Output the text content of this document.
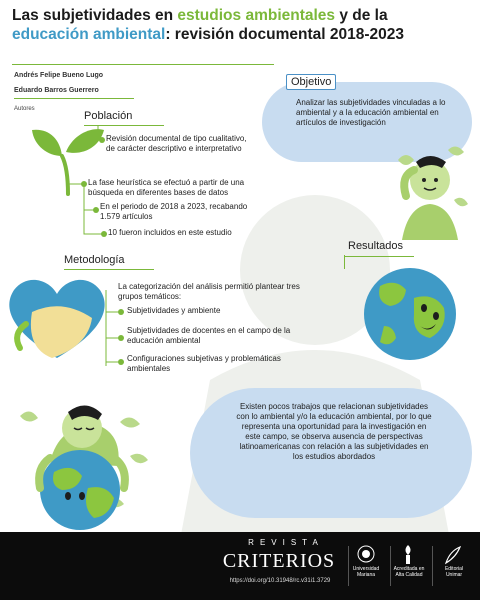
Las subjetividades en estudios ambientales y de la
educación ambiental: revisión documental 2018-2023
Andrés Felipe Bueno Lugo
Eduardo Barros Guerrero
Autores
Objetivo
Analizar las subjetividades vinculadas a lo ambiental y a la educación ambiental en artículos de investigación
Población
Revisión documental de tipo cualitativo, de carácter descriptivo e interpretativo
La fase heurística se efectuó a partir de una búsqueda en diferentes bases de datos
En el periodo de 2018 a 2023, recabando 1.579 artículos
10 fueron incluidos en este estudio
Resultados
Metodología
La categorización del análisis permitió plantear tres grupos temáticos:
Subjetividades y ambiente
Subjetividades de docentes en el campo de la educación ambiental
Configuraciones subjetivas y problemáticas ambientales
Existen pocos trabajos que relacionan subjetividades con lo ambiental y/o la educación ambiental, por lo que representa una oportunidad para la investigación en este campo, se observa ausencia de perspectivas latinoamericanas con relación a las subjetividades en los estudios abordados
REVISTA
CRITERIOS
https://doi.org/10.31948/rc.v31i1.3729
Universidad
Mariana
Acreditada en
Alta Calidad
Editorial
Unimar
